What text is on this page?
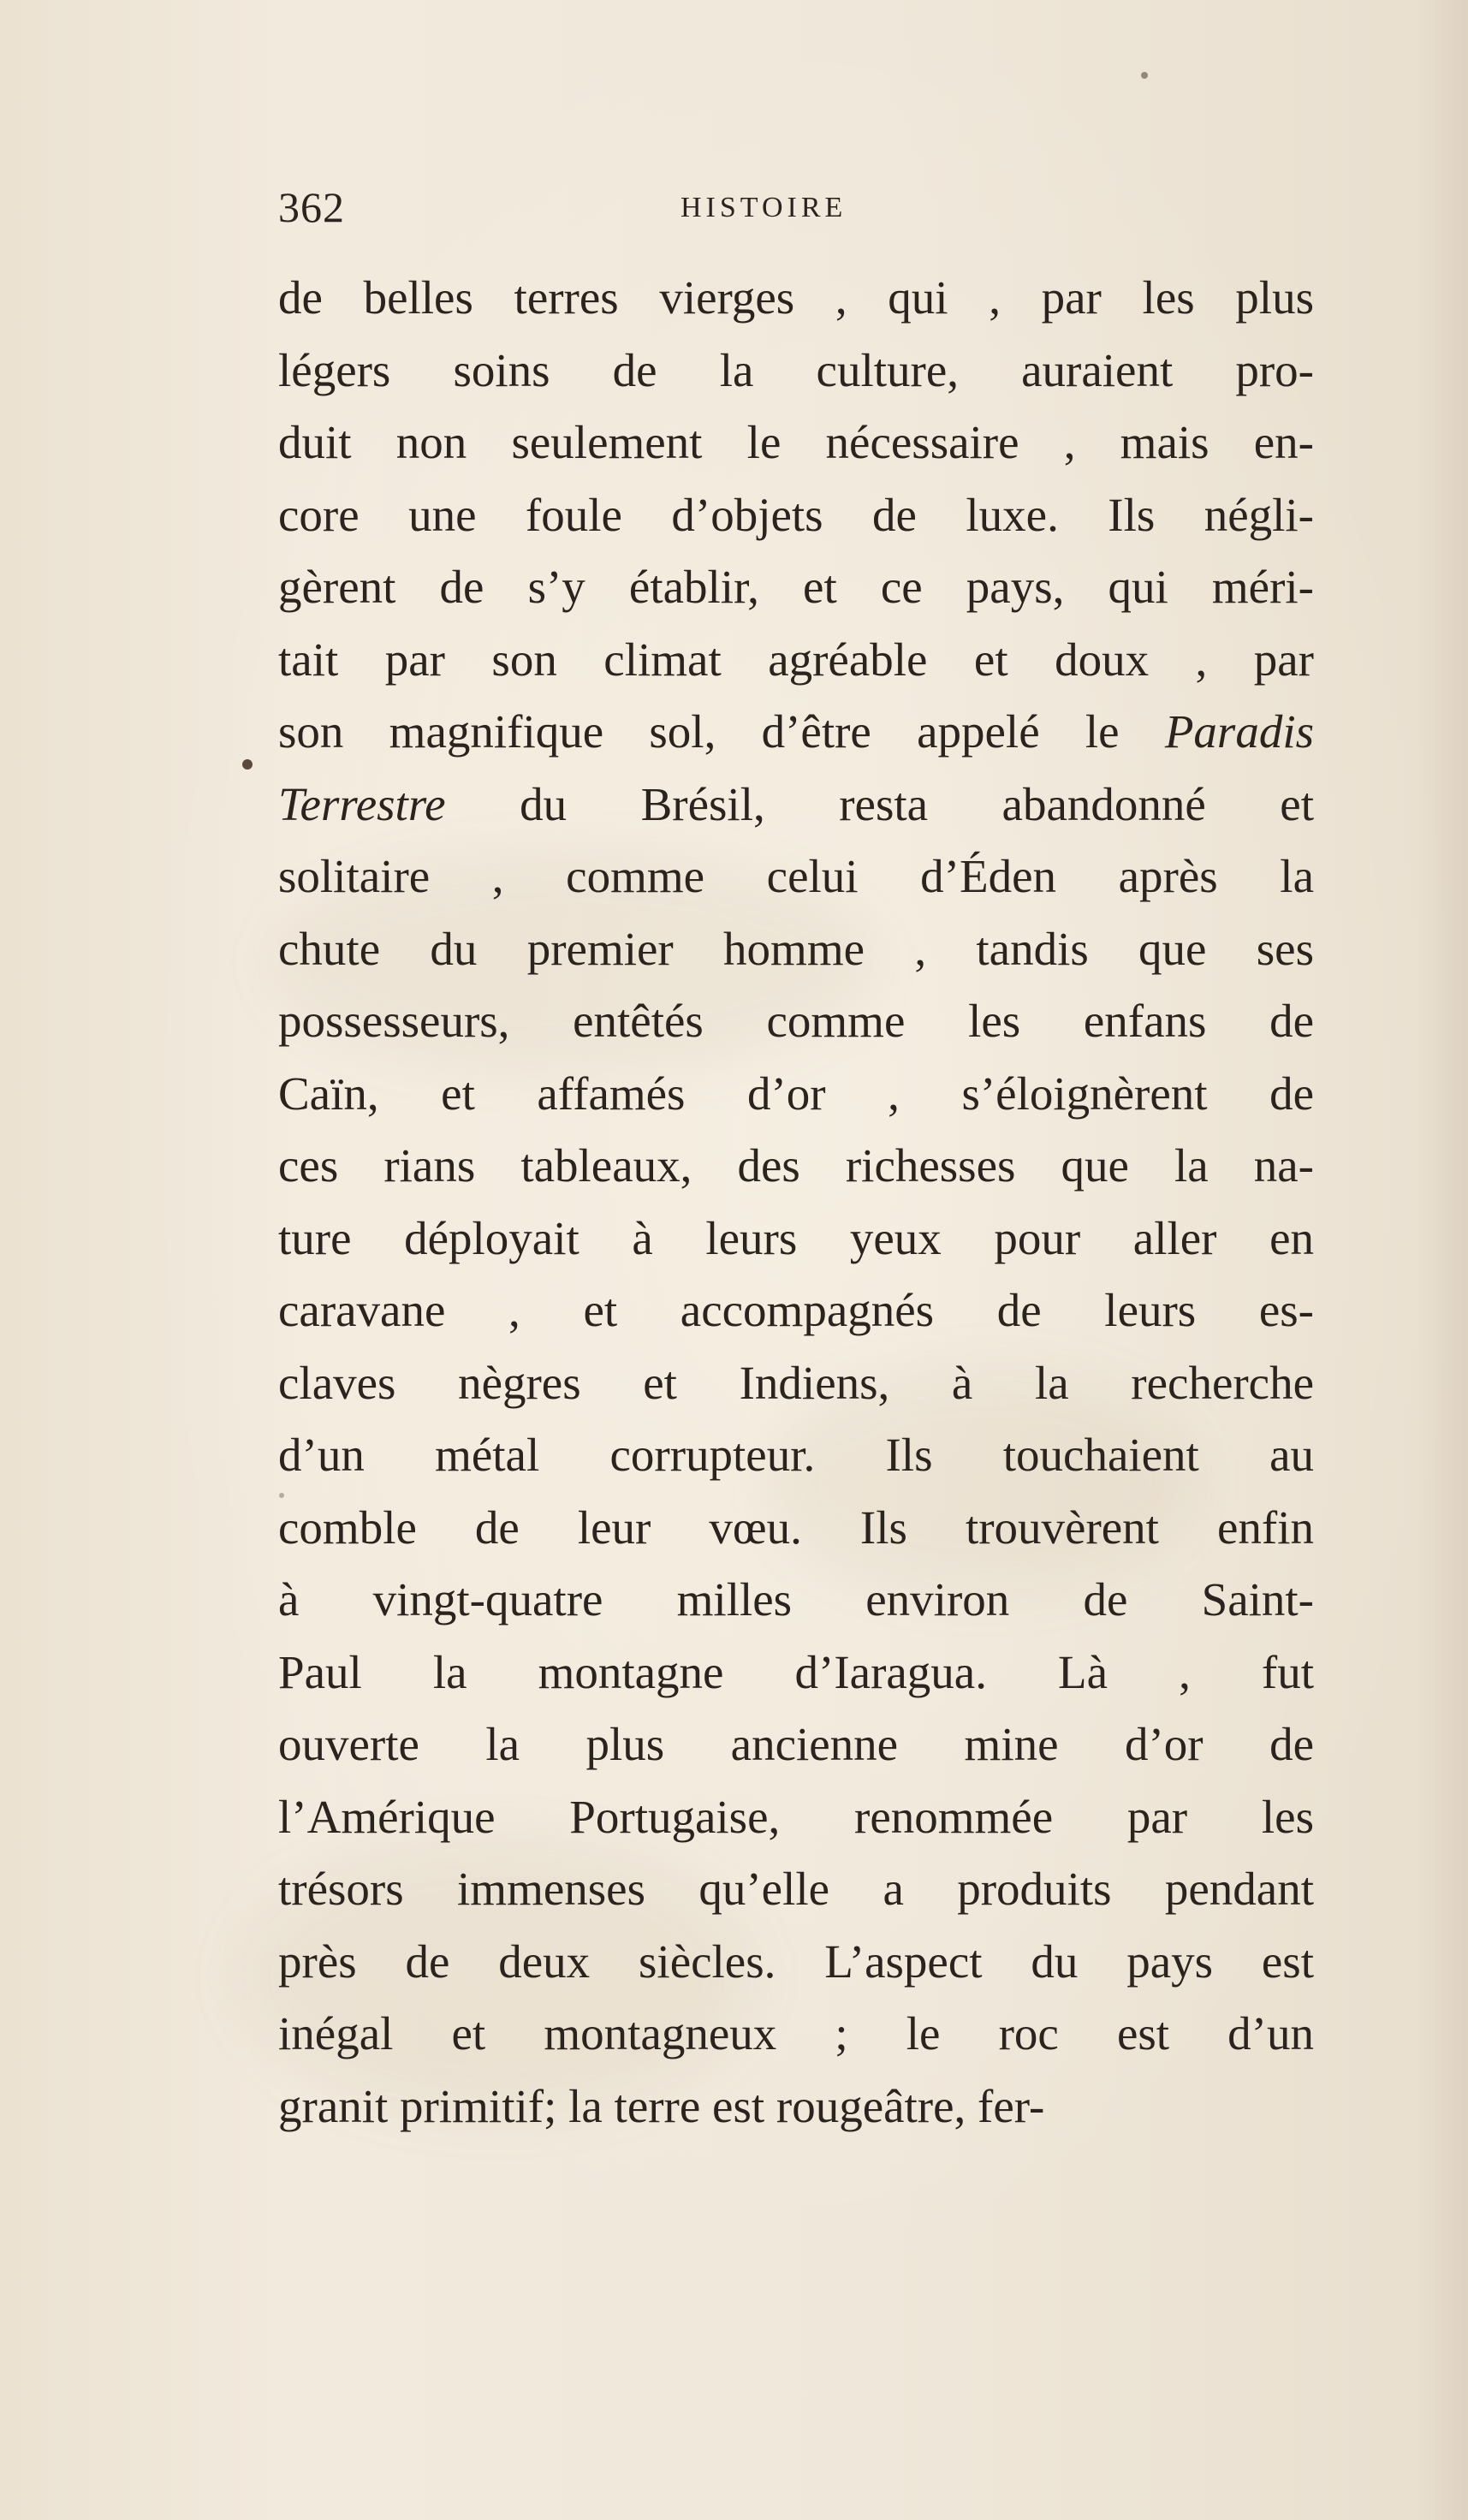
362	HISTOIRE
de belles terres vierges , qui , par les plus
légers soins de la culture, auraient pro-
duit non seulement le nécessaire , mais en-
core une foule d’objets de luxe. Ils négli-
gèrent de s’y établir, et ce pays, qui méri-
tait par son climat agréable et doux , par
son magnifique sol, d’être appelé le Paradis
Terrestre du Brésil, resta abandonné et
solitaire , comme celui d’Éden après la
chute du premier homme , tandis que ses
possesseurs, entêtés comme les enfans de
Caïn, et affamés d’or , s’éloignèrent de
ces rians tableaux, des richesses que la na-
ture déployait à leurs yeux pour aller en
caravane , et accompagnés de leurs es-
claves nègres et Indiens, à la recherche
d’un métal corrupteur. Ils touchaient au
comble de leur vœu. Ils trouvèrent enfin
à vingt-quatre milles environ de Saint-
Paul la montagne d’Iaragua. Là , fut
ouverte la plus ancienne mine d’or de
l’Amérique Portugaise, renommée par les
trésors immenses qu’elle a produits pendant
près de deux siècles. L’aspect du pays est
inégal et montagneux ; le roc est d’un
granit primitif; la terre est rougeâtre, fer-
